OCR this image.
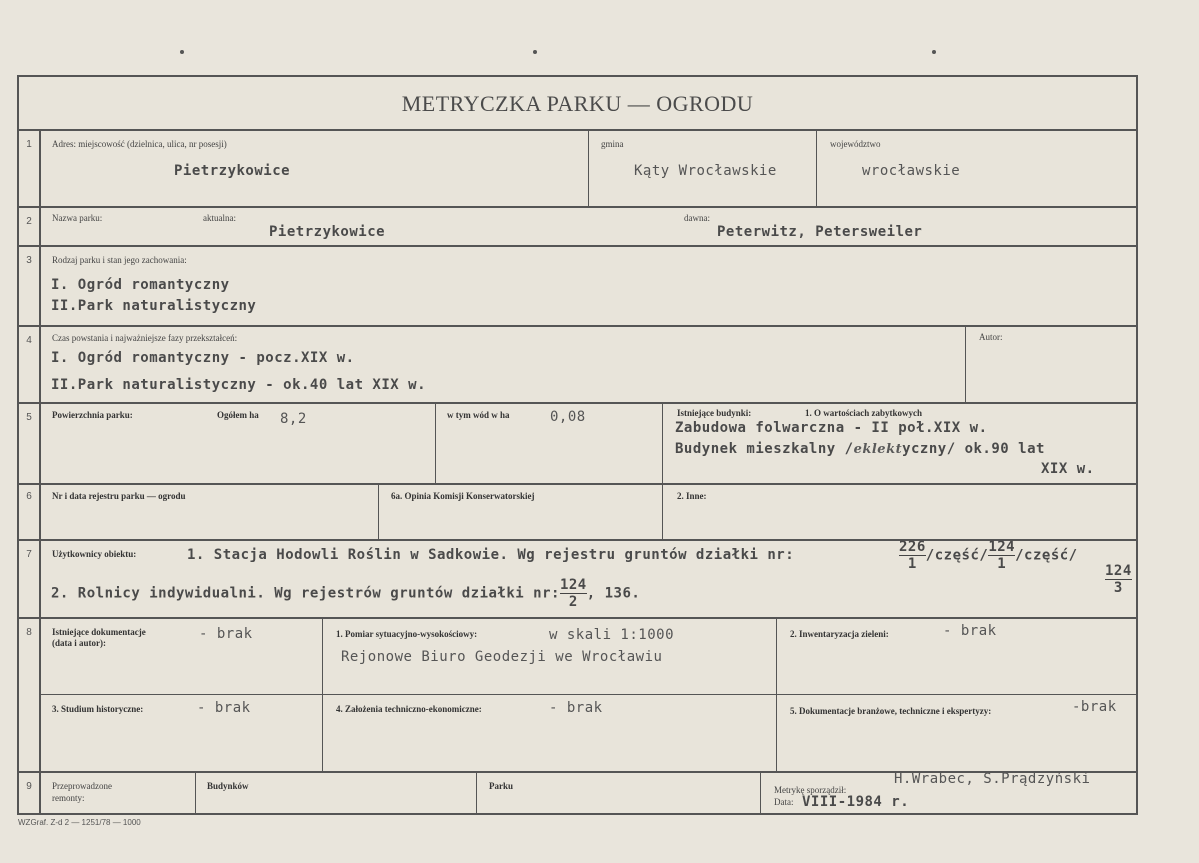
METRYCZKA PARKU — OGRODU
1	Adres: miejscowość (dzielnica, ulica, nr posesji)
Pietrzykowice
gmina
Kąty Wrocławskie
województwo
wrocławskie
2	Nazwa parku:	aktualna:
Pietrzykowice
dawna:
Peterwitz, Petersweiler
3	Rodzaj parku i stan jego zachowania:
I. Ogród romantyczny
II.Park naturalistyczny
4	Czas powstania i najważniejsze fazy przekształceń:
I. Ogród romantyczny - pocz.XIX w.
II.Park naturalistyczny - ok.40 lat XIX w.
Autor:
5	Powierzchnia parku:	Ogółem ha 8,2	w tym wód w ha	0,08	Istniejące budynki:	1. O wartościach zabytkowych
Zabudowa folwarczna - II poł.XIX w.
Budynek mieszkalny /eklektyczny/ ok.90 lat
XIX w.
6	Nr i data rejestru parku — ogrodu	6a. Opinia Komisji Konserwatorskiej	2. Inne:
7	Użytkownicy obiektu:	1. Stacja Hodowli Roślin w Sadkowie. Wg rejestru gruntów działki nr:	$\frac{226}{1}$ /część/ $\frac{124}{1}$ /część/
$\frac{124}{3}$
2. Rolnicy indywidualni. Wg rejestrów gruntów działki nr: $\frac{124}{2}$ , 136.
8	Istniejące dokumentacje
(data i autor):
- brak	1. Pomiar sytuacyjno-wysokościowy:	w skali 1:1000
Rejonowe Biuro Geodezji we Wrocławiu
2. Inwentaryzacja zieleni:	- brak
3. Studium historyczne:	- brak	4. Założenia techniczno-ekonomiczne:	- brak	5. Dokumentacje branżowe, techniczne i ekspertyzy:	-brak
9	Przeprowadzone
remonty:
Budynków	Parku	Metrykę sporządził:
H.Wrabec, S.Prądzyński
Data: VIII-1984 r.
WZGraf. Z-d 2 — 1251/78 — 1000
